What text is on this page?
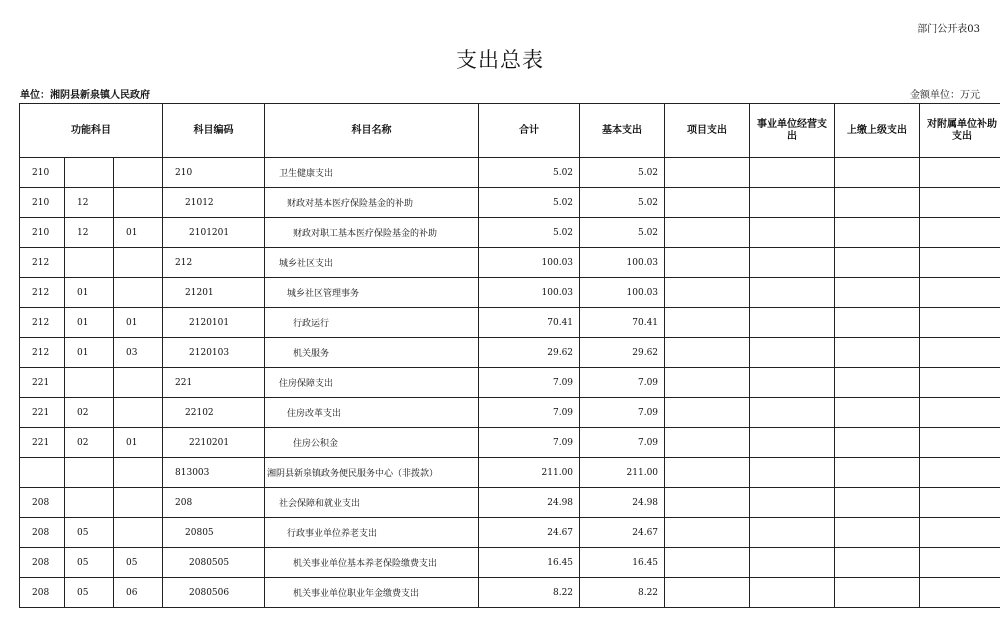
部门公开表03
支出总表
单位：湘阴县新泉镇人民政府	金额单位：万元
功能科目			科目编码	科目名称	合计	基本支出	项目支出	事业单位经营支出	上缴上级支出	对附属单位补助支出
210			210	卫生健康支出	5.02	5.02				
210	12		21012	财政对基本医疗保险基金的补助	5.02	5.02				
210	12	01	2101201	财政对职工基本医疗保险基金的补助	5.02	5.02				
212			212	城乡社区支出	100.03	100.03				
212	01		21201	城乡社区管理事务	100.03	100.03				
212	01	01	2120101	行政运行	70.41	70.41				
212	01	03	2120103	机关服务	29.62	29.62				
221			221	住房保障支出	7.09	7.09				
221	02		22102	住房改革支出	7.09	7.09				
221	02	01	2210201	住房公积金	7.09	7.09				
			813003	湘阴县新泉镇政务便民服务中心（非拨款）	211.00	211.00				
208			208	社会保障和就业支出	24.98	24.98				
208	05		20805	行政事业单位养老支出	24.67	24.67				
208	05	05	2080505	机关事业单位基本养老保险缴费支出	16.45	16.45				
208	05	06	2080506	机关事业单位职业年金缴费支出	8.22	8.22				
